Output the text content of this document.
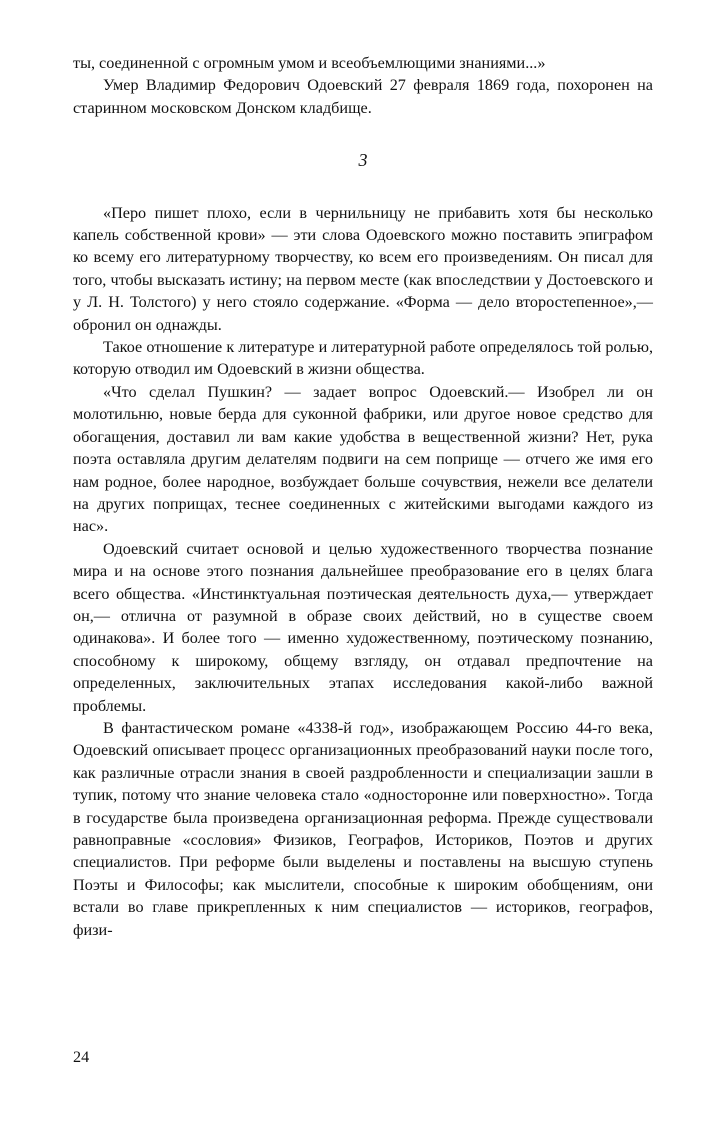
ты, соединенной с огромным умом и всеобъемлющими знаниями...»

Умер Владимир Федорович Одоевский 27 февраля 1869 года, похоронен на старинном московском Донском кладбище.

3

«Перо пишет плохо, если в чернильницу не прибавить хотя бы несколько капель собственной крови» — эти слова Одоевского можно поставить эпиграфом ко всему его литературному творчеству, ко всем его произведениям. Он писал для того, чтобы высказать истину; на первом месте (как впоследствии у Достоевского и у Л. Н. Толстого) у него стояло содержание. «Форма — дело второстепенное»,— обронил он однажды.

Такое отношение к литературе и литературной работе определялось той ролью, которую отводил им Одоевский в жизни общества.

«Что сделал Пушкин? — задает вопрос Одоевский.— Изобрел ли он молотильню, новые берда для суконной фабрики, или другое новое средство для обогащения, доставил ли вам какие удобства в вещественной жизни? Нет, рука поэта оставляла другим делателям подвиги на сем поприще — отчего же имя его нам родное, более народное, возбуждает больше сочувствия, нежели все делатели на других поприщах, теснее соединенных с житейскими выгодами каждого из нас».

Одоевский считает основой и целью художественного творчества познание мира и на основе этого познания дальнейшее преобразование его в целях блага всего общества. «Инстинктуальная поэтическая деятельность духа,— утверждает он,— отлична от разумной в образе своих действий, но в существе своем одинакова». И более того — именно художественному, поэтическому познанию, способному к широкому, общему взгляду, он отдавал предпочтение на определенных, заключительных этапах исследования какой-либо важной проблемы.

В фантастическом романе «4338-й год», изображающем Россию 44-го века, Одоевский описывает процесс организационных преобразований науки после того, как различные отрасли знания в своей раздробленности и специализации зашли в тупик, потому что знание человека стало «односторонне или поверхностно». Тогда в государстве была произведена организационная реформа. Прежде существовали равноправные «сословия» Физиков, Географов, Историков, Поэтов и других специалистов. При реформе были выделены и поставлены на высшую ступень Поэты и Философы; как мыслители, способные к широким обобщениям, они встали во главе прикрепленных к ним специалистов — историков, географов, физи-

24
